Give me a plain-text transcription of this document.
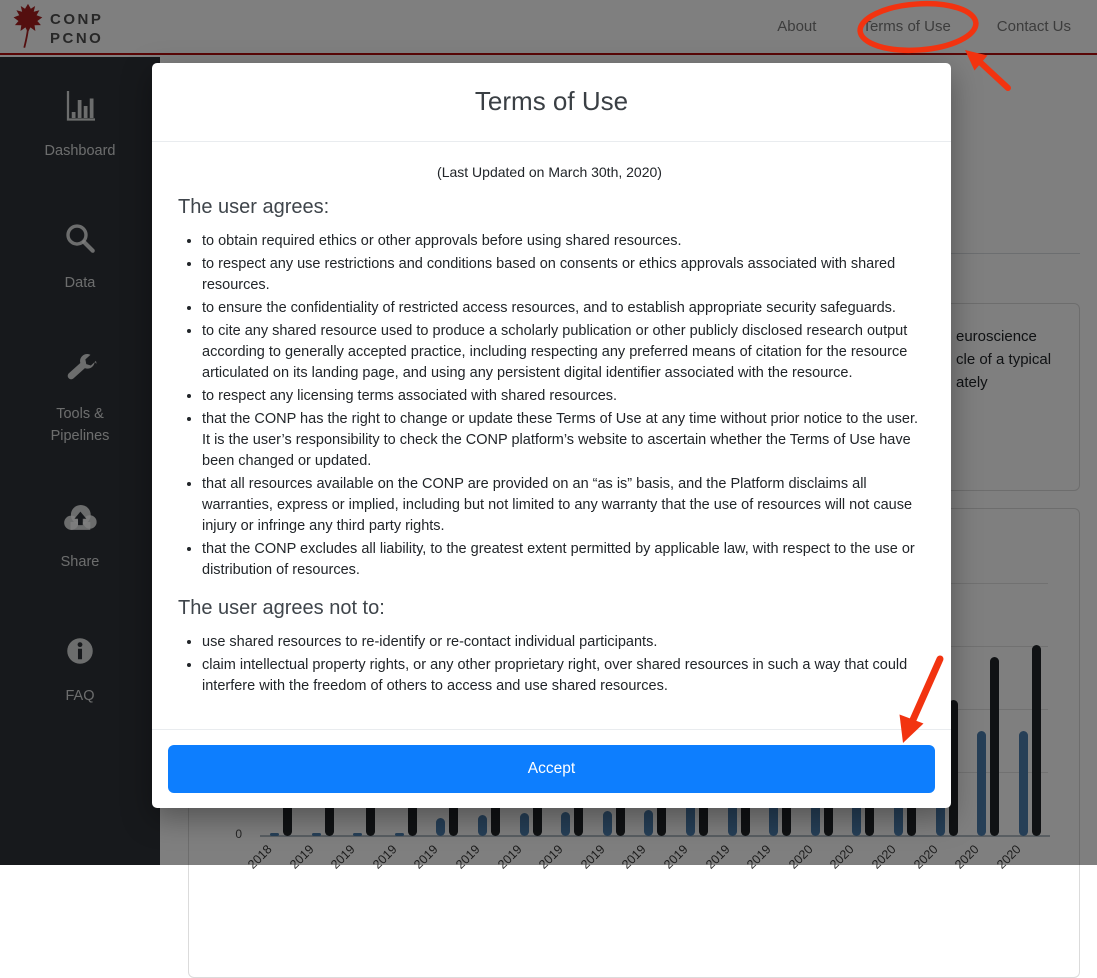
Terms of Use
(Last Updated on March 30th, 2020)
The user agrees:
• to obtain required ethics or other approvals before using shared resources.
• to respect any use restrictions and conditions based on consents or ethics approvals associated with shared resources.
• to ensure the confidentiality of restricted access resources, and to establish appropriate security safeguards.
• to cite any shared resource used to produce a scholarly publication or other publicly disclosed research output according to generally accepted practice, including respecting any preferred means of citation for the resource articulated on its landing page, and using any persistent digital identifier associated with the resource.
• to respect any licensing terms associated with shared resources.
• that the CONP has the right to change or update these Terms of Use at any time without prior notice to the user. It is the user’s responsibility to check the CONP platform’s website to ascertain whether the Terms of Use have been changed or updated.
• that all resources available on the CONP are provided on an “as is” basis, and the Platform disclaims all warranties, express or implied, including but not limited to any warranty that the use of resources will not cause injury or infringe any third party rights.
• that the CONP excludes all liability, to the greatest extent permitted by applicable law, with respect to the use or distribution of resources.
The user agrees not to:
• use shared resources to re-identify or re-contact individual participants.
• claim intellectual property rights, or any other proprietary right, over shared resources in such a way that could interfere with the freedom of others to access and use shared resources.
Accept
